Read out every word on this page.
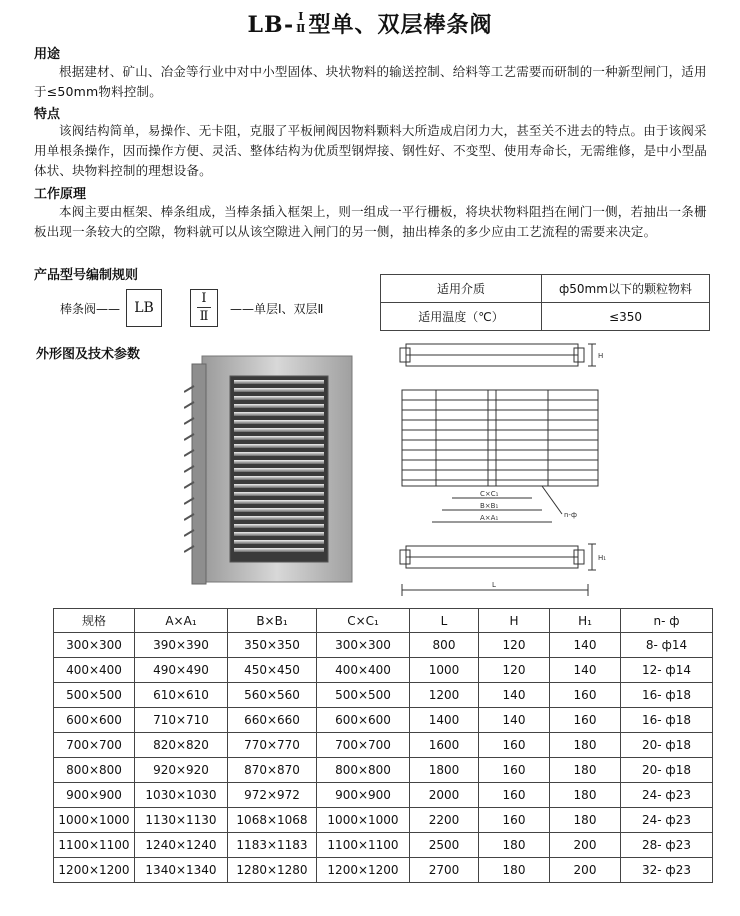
LB- Ⅰ
Ⅱ 型单、双层棒条阀
用途
根据建材、矿山、冶金等行业中对中小型固体、块状物料的输送控制、给料等工艺需要而研制的一种新型闸门，适用于≤50mm物料控制。
特点
该阀结构简单，易操作、无卡阻，克服了平板闸阀因物料颗料大所造成启闭力大，甚至关不进去的特点。由于该阀采用单根条操作，因而操作方便、灵活、整体结构为优质型钢焊接、钢性好、不变型、使用寿命长，无需维修，是中小型晶体状、块物料控制的理想设备。
工作原理
本阀主要由框架、棒条组成，当棒条插入框架上，则一组成一平行栅板，将块状物料阻挡在闸门一侧，若抽出一条栅板出现一条较大的空隙，物料就可以从该空隙进入闸门的另一侧，抽出棒条的多少应由工艺流程的需要来决定。
产品型号编制规则
棒条阀—— LB
Ⅰ
Ⅱ	——单层Ⅰ、双层Ⅱ
适用介质	ф50mm以下的颗粒物料
适用温度（℃）	≤350
外形图及技术参数	H
C×C₁
B×B₁
A×A₁	n-ф
H₁
L
规格	A×A₁	B×B₁	C×C₁	L	H	H₁	n- ф
300×300	390×390	350×350	300×300	800	120	140	8- ф14
400×400	490×490	450×450	400×400	1000	120	140	12- ф14
500×500	610×610	560×560	500×500	1200	140	160	16- ф18
600×600	710×710	660×660	600×600	1400	140	160	16- ф18
700×700	820×820	770×770	700×700	1600	160	180	20- ф18
800×800	920×920	870×870	800×800	1800	160	180	20- ф18
900×900	1030×1030	972×972	900×900	2000	160	180	24- ф23
1000×1000	1130×1130	1068×1068	1000×1000	2200	160	180	24- ф23
1100×1100	1240×1240	1183×1183	1100×1100	2500	180	200	28- ф23
1200×1200	1340×1340	1280×1280	1200×1200	2700	180	200	32- ф23
